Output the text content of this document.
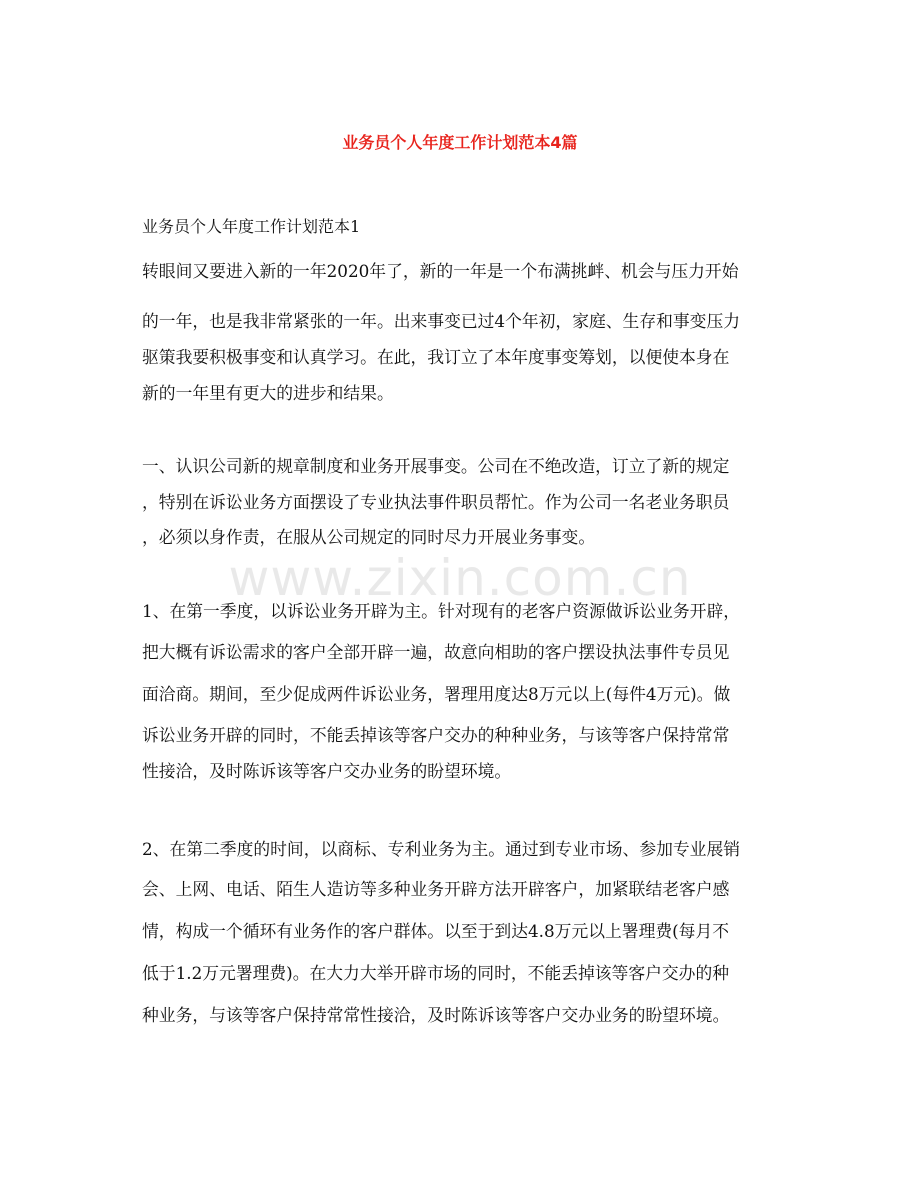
业务员个人年度工作计划范本4篇
业务员个人年度工作计划范本1
转眼间又要进入新的一年2020年了，新的一年是一个布满挑衅、机会与压力开始
的一年，也是我非常紧张的一年。出来事变已过4个年初，家庭、生存和事变压力
驱策我要积极事变和认真学习。在此，我订立了本年度事变筹划，以便使本身在
新的一年里有更大的进步和结果。
一、认识公司新的规章制度和业务开展事变。公司在不绝改造，订立了新的规定
，特别在诉讼业务方面摆设了专业执法事件职员帮忙。作为公司一名老业务职员
，必须以身作责，在服从公司规定的同时尽力开展业务事变。
1、在第一季度，以诉讼业务开辟为主。针对现有的老客户资源做诉讼业务开辟，
把大概有诉讼需求的客户全部开辟一遍，故意向相助的客户摆设执法事件专员见
面洽商。期间，至少促成两件诉讼业务，署理用度达8万元以上(每件4万元)。做
诉讼业务开辟的同时，不能丢掉该等客户交办的种种业务，与该等客户保持常常
性接洽，及时陈诉该等客户交办业务的盼望环境。
2、在第二季度的时间，以商标、专利业务为主。通过到专业市场、参加专业展销
会、上网、电话、陌生人造访等多种业务开辟方法开辟客户，加紧联结老客户感
情，构成一个循环有业务作的客户群体。以至于到达4.8万元以上署理费(每月不
低于1.2万元署理费)。在大力大举开辟市场的同时，不能丢掉该等客户交办的种
种业务，与该等客户保持常常性接洽，及时陈诉该等客户交办业务的盼望环境。
www.zixin.com.cn
